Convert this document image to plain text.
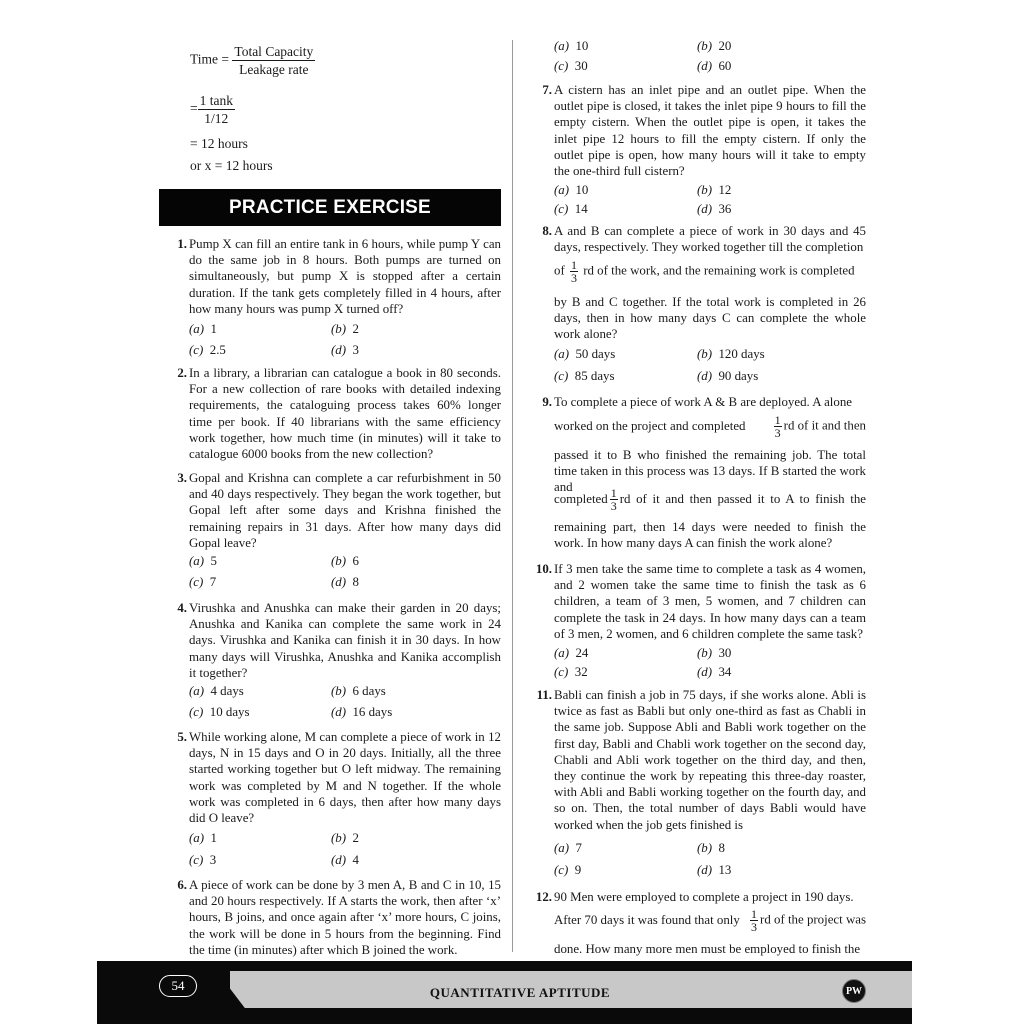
Time = $\frac{\text{Total Capacity}}{\text{Leakage rate}}$
= $\frac{1 \tan k}{1/12}$
= 12 hours
or x = 12 hours
PRACTICE EXERCISE
1. Pump X can fill an entire tank in 6 hours, while pump Y can do the same job in 8 hours. Both pumps are turned on simultaneously, but pump X is stopped after a certain duration. If the tank gets completely filled in 4 hours, after how many hours was pump X turned off?
(a) 1	(b) 2
(c) 2.5	(d) 3
2. In a library, a librarian can catalogue a book in 80 seconds. For a new collection of rare books with detailed indexing requirements, the cataloguing process takes 60% longer time per book. If 40 librarians with the same efficiency work together, how much time (in minutes) will it take to catalogue 6000 books from the new collection?
3. Gopal and Krishna can complete a car refurbishment in 50 and 40 days respectively. They began the work together, but Gopal left after some days and Krishna finished the remaining repairs in 31 days. After how many days did Gopal leave?
(a) 5	(b) 6
(c) 7	(d) 8
4. Virushka and Anushka can make their garden in 20 days; Anushka and Kanika can complete the same work in 24 days. Virushka and Kanika can finish it in 30 days. In how many days will Virushka, Anushka and Kanika accomplish it together?
(a) 4 days	(b) 6 days
(c) 10 days	(d) 16 days
5. While working alone, M can complete a piece of work in 12 days, N in 15 days and O in 20 days. Initially, all the three started working together but O left midway. The remaining work was completed by M and N together. If the whole work was completed in 6 days, then after how many days did O leave?
(a) 1	(b) 2
(c) 3	(d) 4
6. A piece of work can be done by 3 men A, B and C in 10, 15 and 20 hours respectively. If A starts the work, then after ‘x’ hours, B joins, and once again after ‘x’ more hours, C joins, the work will be done in 5 hours from the beginning. Find the time (in minutes) after which B joined the work.
(a) 10	(b) 20
(c) 30	(d) 60
7. A cistern has an inlet pipe and an outlet pipe. When the outlet pipe is closed, it takes the inlet pipe 9 hours to fill the empty cistern. When the outlet pipe is open, it takes the inlet pipe 12 hours to fill the empty cistern. If only the outlet pipe is open, how many hours will it take to empty the one-third full cistern?
(a) 10	(b) 12
(c) 14	(d) 36
8. A and B can complete a piece of work in 30 days and 45 days, respectively. They worked together till the completion
of $\frac{1}{3}$ rd of the work, and the remaining work is completed
by B and C together. If the total work is completed in 26 days, then in how many days C can complete the whole work alone?
(a) 50 days	(b) 120 days
(c) 85 days	(d) 90 days
9. To complete a piece of work A & B are deployed. A alone
worked on the project and completed $\frac{1}{3}$ rd of it and then
passed it to B who finished the remaining job. The total time taken in this process was 13 days. If B started the work and
completed 1
3 rd of it and then passed it to A to finish the
remaining part, then 14 days were needed to finish the work. In how many days A can finish the work alone?
10. If 3 men take the same time to complete a task as 4 women, and 2 women take the same time to finish the task as 6 children, a team of 3 men, 5 women, and 7 children can complete the task in 24 days. In how many days can a team of 3 men, 2 women, and 6 children complete the same task?
(a) 24	(b) 30
(c) 32	(d) 34
11. Babli can finish a job in 75 days, if she works alone. Abli is twice as fast as Babli but only one-third as fast as Chabli in the same job. Suppose Abli and Babli work together on the first day, Babli and Chabli work together on the second day, Chabli and Abli work together on the third day, and then, they continue the work by repeating this three-day roaster, with Abli and Babli working together on the fourth day, and so on. Then, the total number of days Babli would have worked when the job gets finished is
(a) 7	(b) 8
(c) 9	(d) 13
12. 90 Men were employed to complete a project in 190 days.
After 70 days it was found that only $\frac{1}{3}$ rd of the project was
done. How many more men must be employed to finish the
54	QUANTITATIVE APTITUDE	PW
